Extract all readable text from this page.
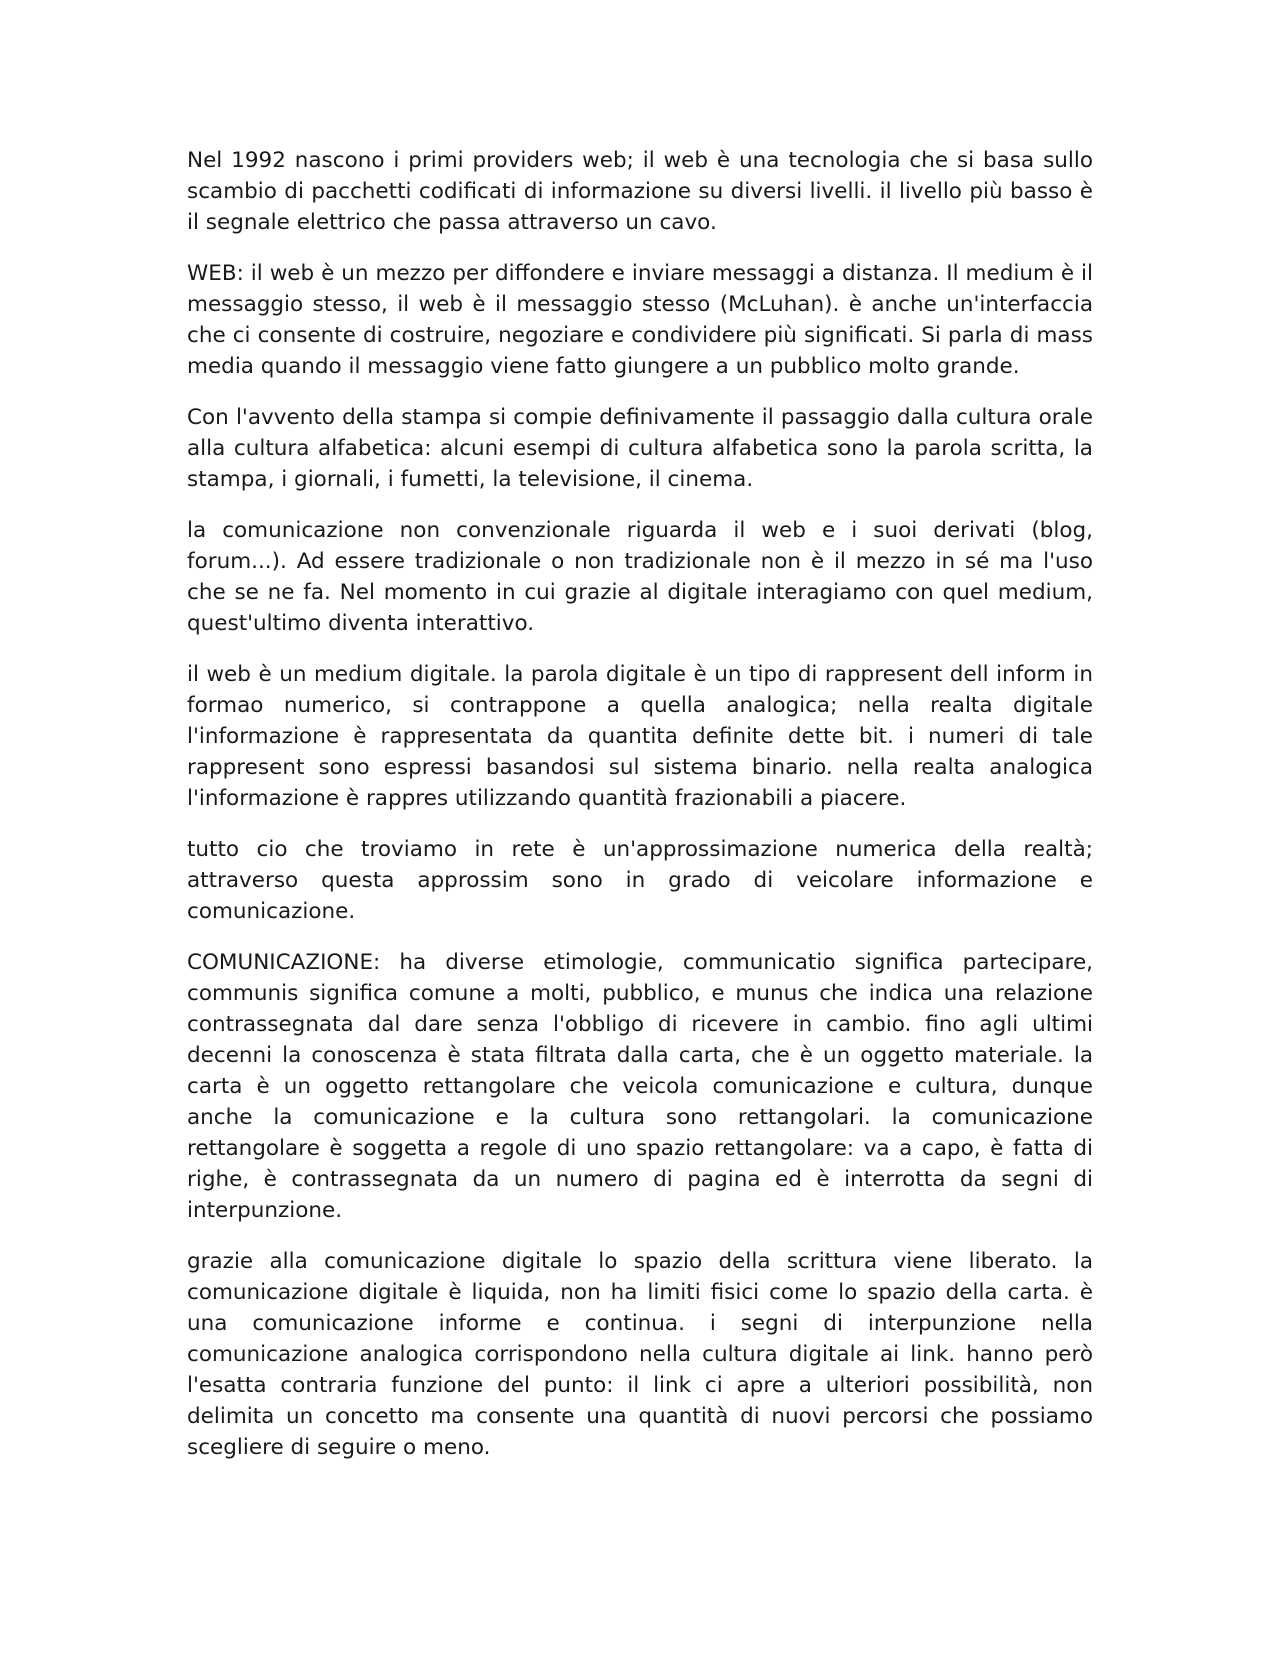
Nel 1992 nascono i primi providers web; il web è una tecnologia che si basa sullo scambio di pacchetti codificati di informazione su diversi livelli. il livello più basso è il segnale elettrico che passa attraverso un cavo.

WEB: il web è un mezzo per diffondere e inviare messaggi a distanza. Il medium è il messaggio stesso, il web è il messaggio stesso (McLuhan). è anche un'interfaccia che ci consente di costruire, negoziare e condividere più significati. Si parla di mass media quando il messaggio viene fatto giungere a un pubblico molto grande.

Con l'avvento della stampa si compie definivamente il passaggio dalla cultura orale alla cultura alfabetica: alcuni esempi di cultura alfabetica sono la parola scritta, la stampa, i giornali, i fumetti, la televisione, il cinema.

la comunicazione non convenzionale riguarda il web e i suoi derivati (blog, forum...). Ad essere tradizionale o non tradizionale non è il mezzo in sé ma l'uso che se ne fa. Nel momento in cui grazie al digitale interagiamo con quel medium, quest'ultimo diventa interattivo.

il web è un medium digitale. la parola digitale è un tipo di rappresent dell inform in formao numerico, si contrappone a quella analogica; nella realta digitale l'informazione è rappresentata da quantita definite dette bit. i numeri di tale rappresent sono espressi basandosi sul sistema binario. nella realta analogica l'informazione è rappres utilizzando quantità frazionabili a piacere.

tutto cio che troviamo in rete è un'approssimazione numerica della realtà; attraverso questa approssim sono in grado di veicolare informazione e comunicazione.

COMUNICAZIONE: ha diverse etimologie, communicatio significa partecipare, communis significa comune a molti, pubblico, e munus che indica una relazione contrassegnata dal dare senza l'obbligo di ricevere in cambio. fino agli ultimi decenni la conoscenza è stata filtrata dalla carta, che è un oggetto materiale. la carta è un oggetto rettangolare che veicola comunicazione e cultura, dunque anche la comunicazione e la cultura sono rettangolari. la comunicazione rettangolare è soggetta a regole di uno spazio rettangolare: va a capo, è fatta di righe, è contrassegnata da un numero di pagina ed è interrotta da segni di interpunzione.

grazie alla comunicazione digitale lo spazio della scrittura viene liberato. la comunicazione digitale è liquida, non ha limiti fisici come lo spazio della carta. è una comunicazione informe e continua. i segni di interpunzione nella comunicazione analogica corrispondono nella cultura digitale ai link. hanno però l'esatta contraria funzione del punto: il link ci apre a ulteriori possibilità, non delimita un concetto ma consente una quantità di nuovi percorsi che possiamo scegliere di seguire o meno.
